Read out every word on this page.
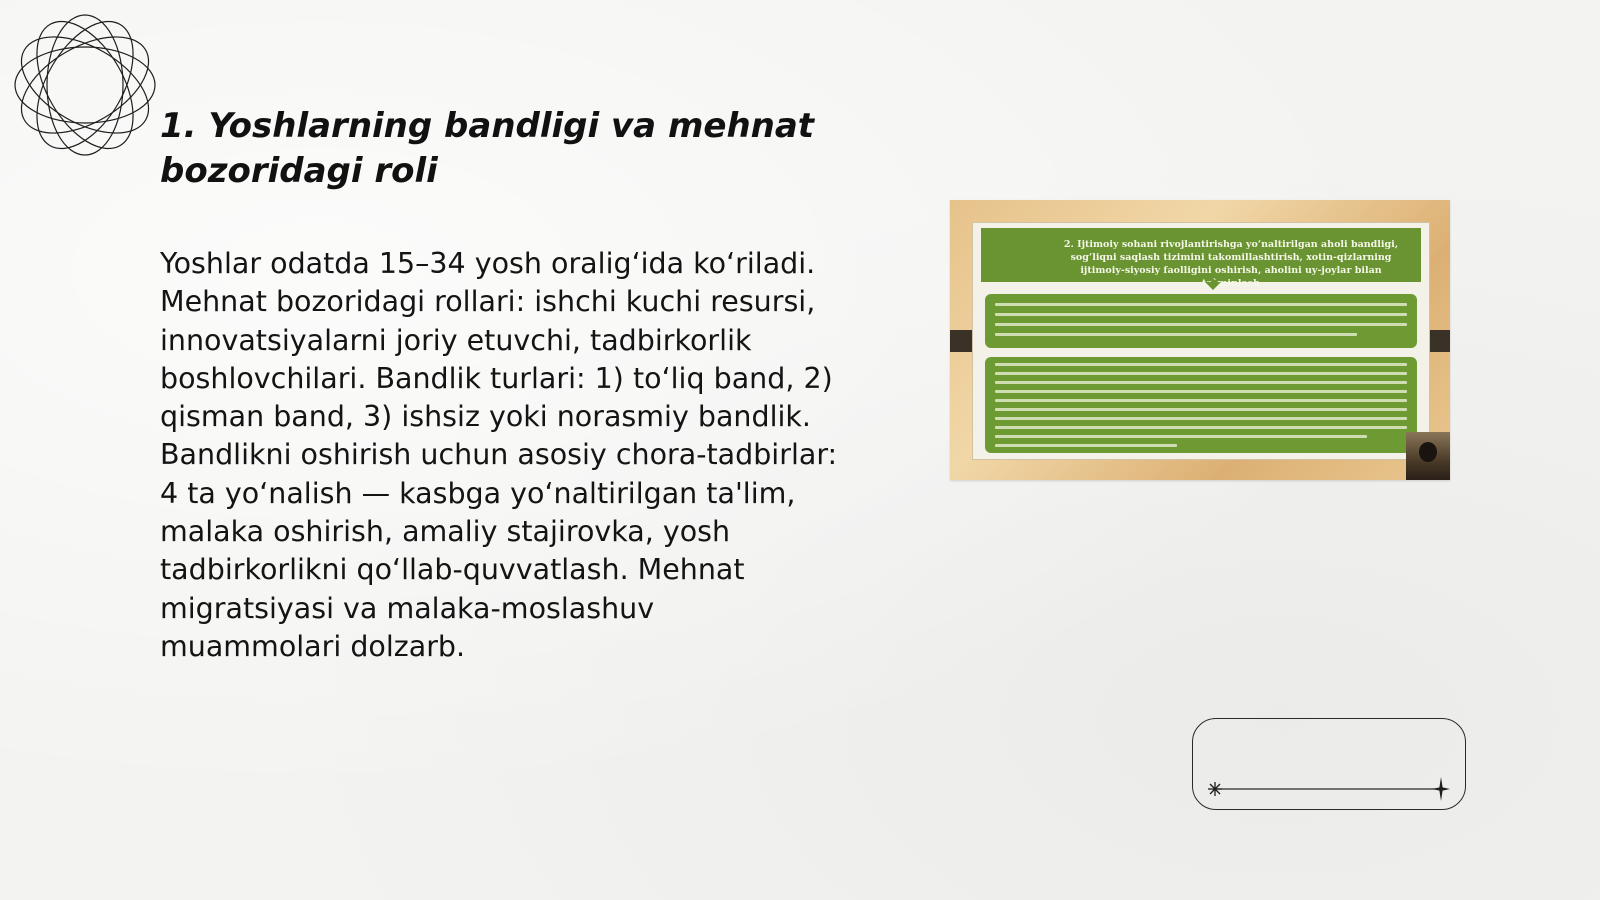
1. Yoshlarning bandligi va mehnat bozoridagi roli

Yoshlar odatda 15–34 yosh oralig‘ida ko‘riladi. Mehnat bozoridagi rollari: ishchi kuchi resursi, innovatsiyalarni joriy etuvchi, tadbirkorlik boshlovchilari. Bandlik turlari: 1) to‘liq band, 2) qisman band, 3) ishsiz yoki norasmiy bandlik. Bandlikni oshirish uchun asosiy chora-tadbirlar: 4 ta yo‘nalish — kasbga yo‘naltirilgan ta'lim, malaka oshirish, amaliy stajirovka, yosh tadbirkorlikni qo‘llab-quvvatlash. Mehnat migratsiyasi va malaka-moslashuv muammolari dolzarb.

2. Ijtimoiy sohani rivojlantirishga yo‘naltirilgan aholi bandligi, sog‘liqni saqlash tizimini takomillashtirish, xotin-qizlarning ijtimoiy-siyosiy faolligini oshirish, aholini uy-joylar bilan ta`minlash
